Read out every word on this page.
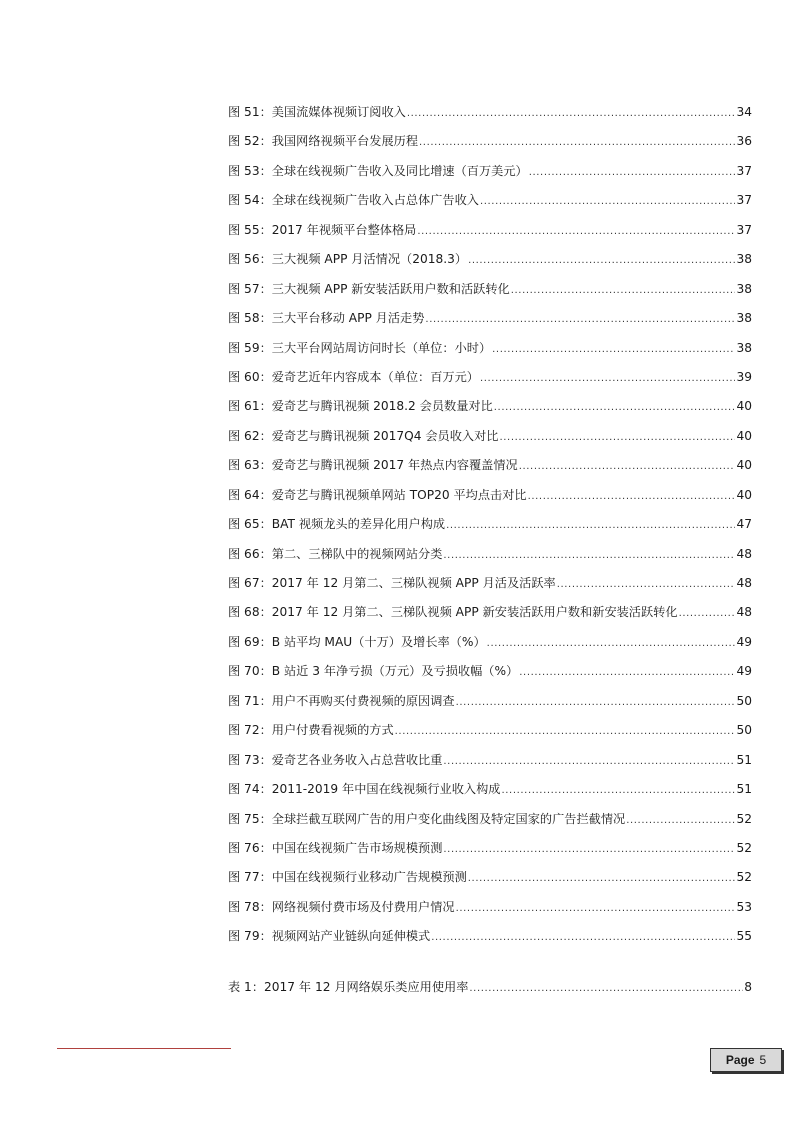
图 51：美国流媒体视频订阅收入 .....	34
图 52：我国网络视频平台发展历程 .....	36
图 53：全球在线视频广告收入及同比增速（百万美元） .....	37
图 54：全球在线视频广告收入占总体广告收入 .....	37
图 55：2017 年视频平台整体格局 .....	37
图 56：三大视频 APP 月活情况（2018.3） .....	38
图 57：三大视频 APP 新安装活跃用户数和活跃转化 .....	38
图 58：三大平台移动 APP 月活走势 .....	38
图 59：三大平台网站周访问时长（单位：小时） .....	38
图 60：爱奇艺近年内容成本（单位：百万元） .....	39
图 61：爱奇艺与腾讯视频 2018.2 会员数量对比 .....	40
图 62：爱奇艺与腾讯视频 2017Q4 会员收入对比 .....	40
图 63：爱奇艺与腾讯视频 2017 年热点内容覆盖情况 .....	40
图 64：爱奇艺与腾讯视频单网站 TOP20 平均点击对比 .....	40
图 65：BAT 视频龙头的差异化用户构成 .....	47
图 66：第二、三梯队中的视频网站分类 .....	48
图 67：2017 年 12 月第二、三梯队视频 APP 月活及活跃率 .....	48
图 68：2017 年 12 月第二、三梯队视频 APP 新安装活跃用户数和新安装活跃转化 .....	48
图 69：B 站平均 MAU（十万）及增长率（%） .....	49
图 70：B 站近 3 年净亏损（万元）及亏损收幅（%） .....	49
图 71：用户不再购买付费视频的原因调查 .....	50
图 72：用户付费看视频的方式 .....	50
图 73：爱奇艺各业务收入占总营收比重 .....	51
图 74：2011-2019 年中国在线视频行业收入构成 .....	51
图 75：全球拦截互联网广告的用户变化曲线图及特定国家的广告拦截情况 .....	52
图 76：中国在线视频广告市场规模预测 .....	52
图 77：中国在线视频行业移动广告规模预测 .....	52
图 78：网络视频付费市场及付费用户情况 .....	53
图 79：视频网站产业链纵向延伸模式 .....	55
表 1：2017 年 12 月网络娱乐类应用使用率 .....	8
Page 5
